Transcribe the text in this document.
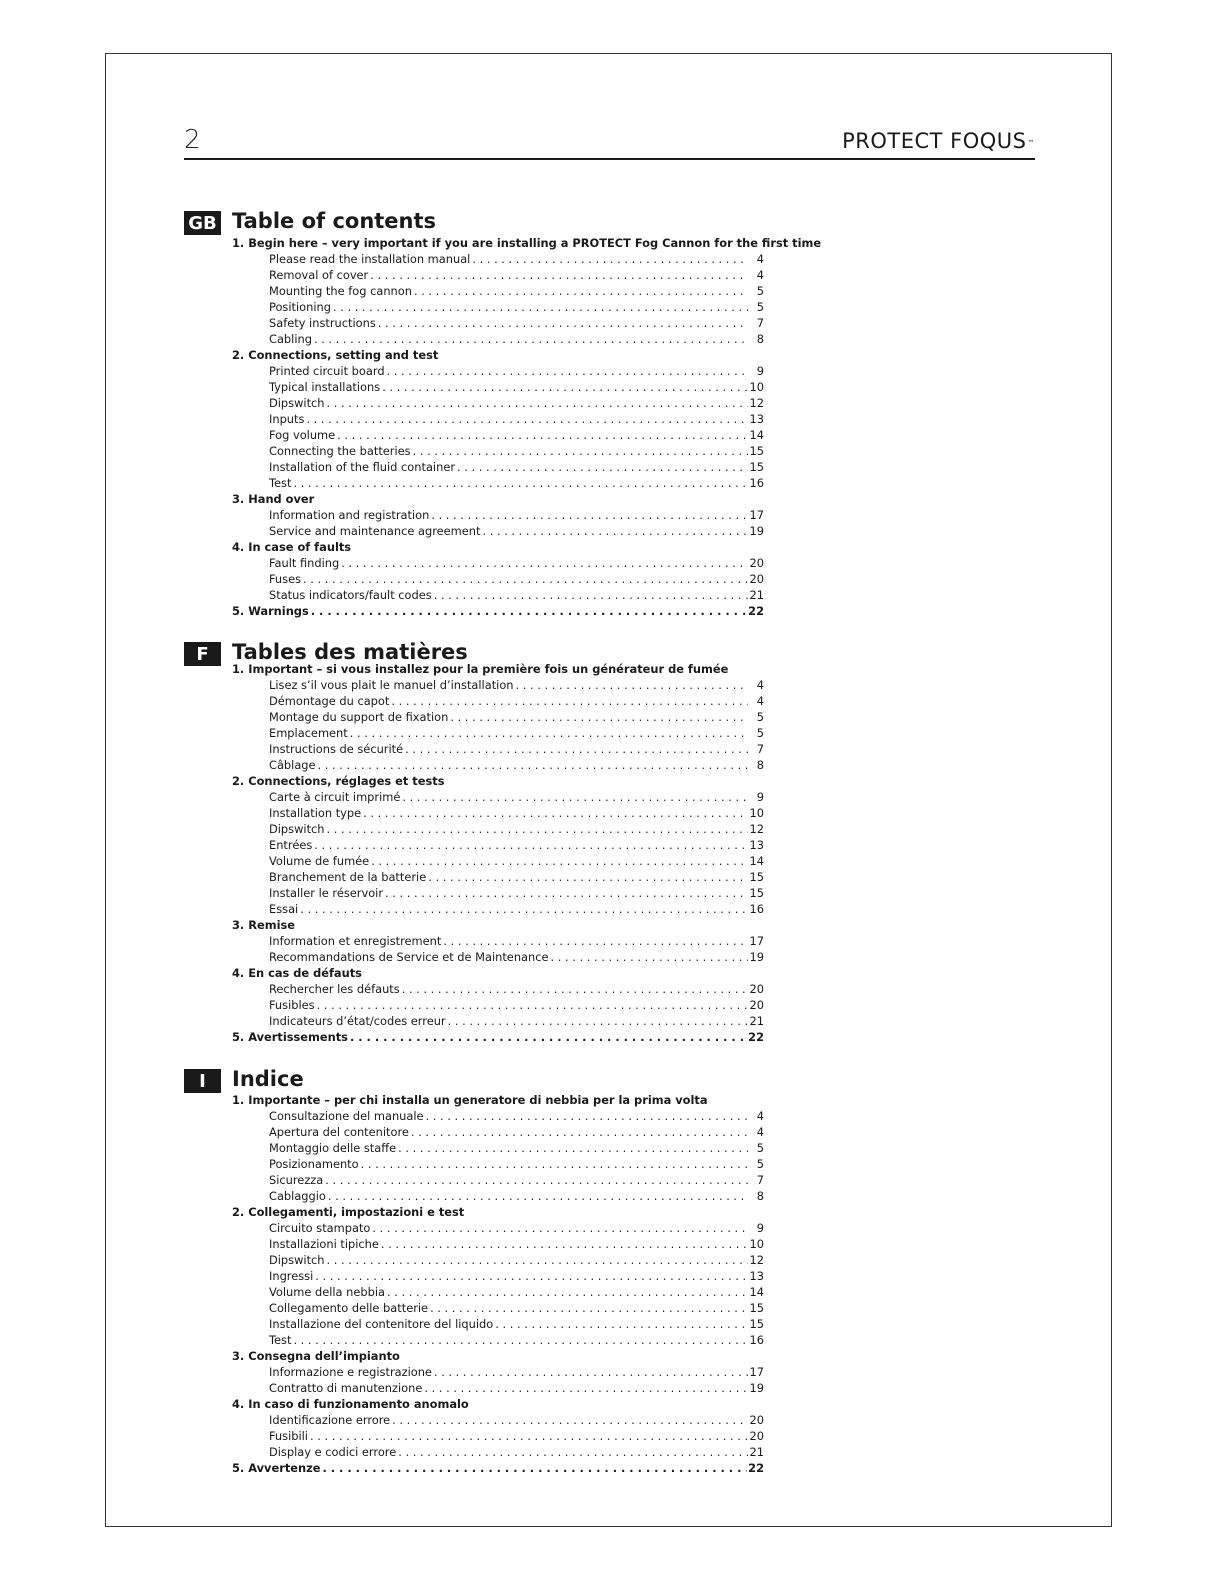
2	PROTECT FOQUS™
GB Table of contents
1. Begin here – very important if you are installing a PROTECT Fog Cannon for the first time
Please read the installation manual . . .	4
Removal of cover . . .	4
Mounting the fog cannon . . .	5
Positioning . . .	5
Safety instructions . . .	7
Cabling . . .	8
2. Connections, setting and test
Printed circuit board . . .	9
Typical installations . . .	10
Dipswitch . . .	12
Inputs . . .	13
Fog volume . . .	14
Connecting the batteries . . .	15
Installation of the fluid container . . .	15
Test . . .	16
3. Hand over
Information and registration . . .	17
Service and maintenance agreement . . .	19
4. In case of faults
Fault finding . . .	20
Fuses . . .	20
Status indicators/fault codes . . .	21
5. Warnings . . .	22
F	Tables des matières
1. Important – si vous installez pour la première fois un générateur de fumée
Lisez s’il vous plait le manuel d’installation . . .	4
Démontage du capot . . .	4
Montage du support de fixation . . .	5
Emplacement . . .	5
Instructions de sécurité . . .	7
Câblage . . .	8
2. Connections, réglages et tests
Carte à circuit imprimé . . .	9
Installation type . . .	10
Dipswitch . . .	12
Entrées . . .	13
Volume de fumée . . .	14
Branchement de la batterie . . .	15
Installer le réservoir . . .	15
Essai . . .	16
3. Remise
Information et enregistrement . . .	17
Recommandations de Service et de Maintenance . . .	19
4. En cas de défauts
Rechercher les défauts . . .	20
Fusibles . . .	20
Indicateurs d’état/codes erreur . . .	21
5. Avertissements . . .	22
I	Indice
1. Importante – per chi installa un generatore di nebbia per la prima volta
Consultazione del manuale . . .	4
Apertura del contenitore . . .	4
Montaggio delle staffe . . .	5
Posizionamento . . .	5
Sicurezza . . .	7
Cablaggio . . .	8
2. Collegamenti, impostazioni e test
Circuito stampato . . .	9
Installazioni tipiche . . .	10
Dipswitch . . .	12
Ingressi . . .	13
Volume della nebbia . . .	14
Collegamento delle batterie . . .	15
Installazione del contenitore del liquido . . .	15
Test . . .	16
3. Consegna dell’impianto
Informazione e registrazione . . .	17
Contratto di manutenzione . . .	19
4. In caso di funzionamento anomalo
Identificazione errore . . .	20
Fusibili . . .	20
Display e codici errore . . .	21
5. Avvertenze . . .	22
